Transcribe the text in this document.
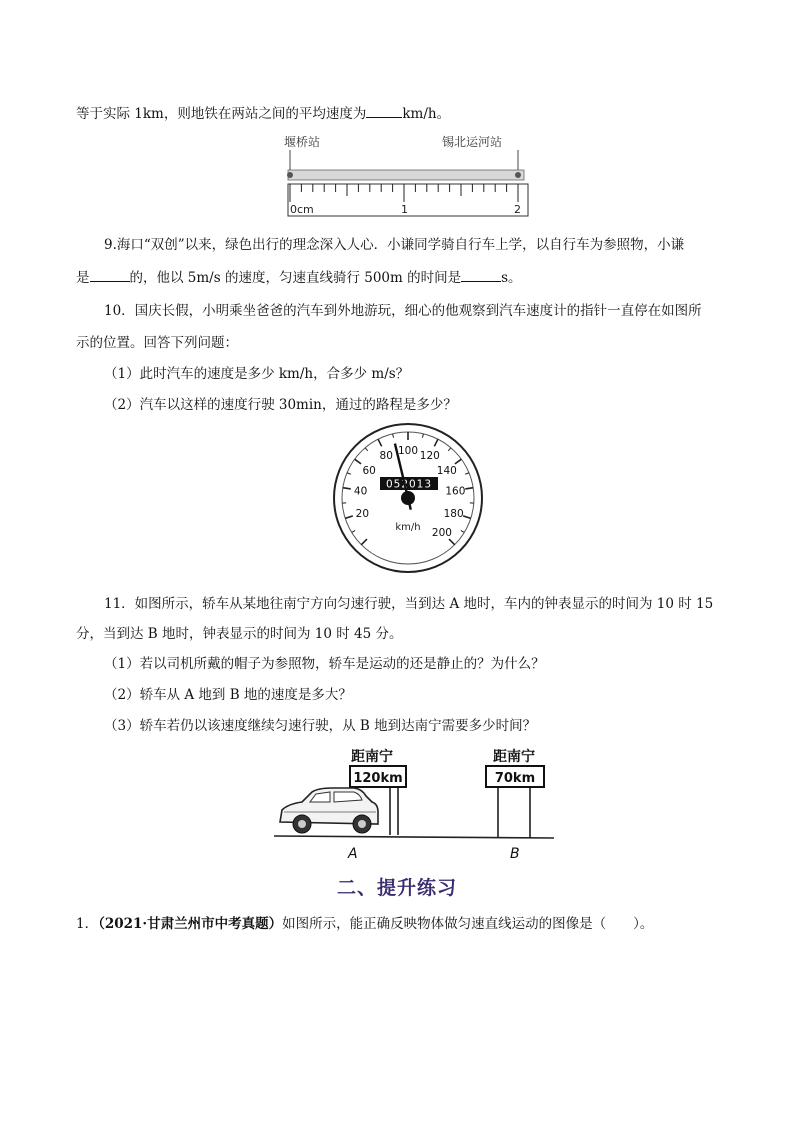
等于实际 1km，则地铁在两站之间的平均速度为	km/h。
堰桥站	锡北运河站
0cm	1	2
9.海口“双创”以来，绿色出行的理念深入人心．小谦同学骑自行车上学，以自行车为参照物，小谦
是	的，他以 5m/s 的速度，匀速直线骑行 500m 的时间是	s。
10．国庆长假，小明乘坐爸爸的汽车到外地游玩，细心的他观察到汽车速度计的指针一直停在如图所
示的位置。回答下列问题：
（1）此时汽车的速度是多少 km/h，合多少 m/s？
（2）汽车以这样的速度行驶 30min，通过的路程是多少？
20
40
60
80 100 120
140
160
180
200
052013
km/h
11．如图所示，轿车从某地往南宁方向匀速行驶，当到达 A 地时，车内的钟表显示的时间为 10 时 15
分，当到达 B 地时，钟表显示的时间为 10 时 45 分。
（1）若以司机所戴的帽子为参照物，轿车是运动的还是静止的？为什么？
（2）轿车从 A 地到 B 地的速度是多大？
（3）轿车若仍以该速度继续匀速行驶，从 B 地到达南宁需要多少时间？
距南宁
120km
距南宁
70km
A	B
二、提升练习
1．（2021·甘肃兰州市中考真题）如图所示，能正确反映物体做匀速直线运动的图像是（　　）。
